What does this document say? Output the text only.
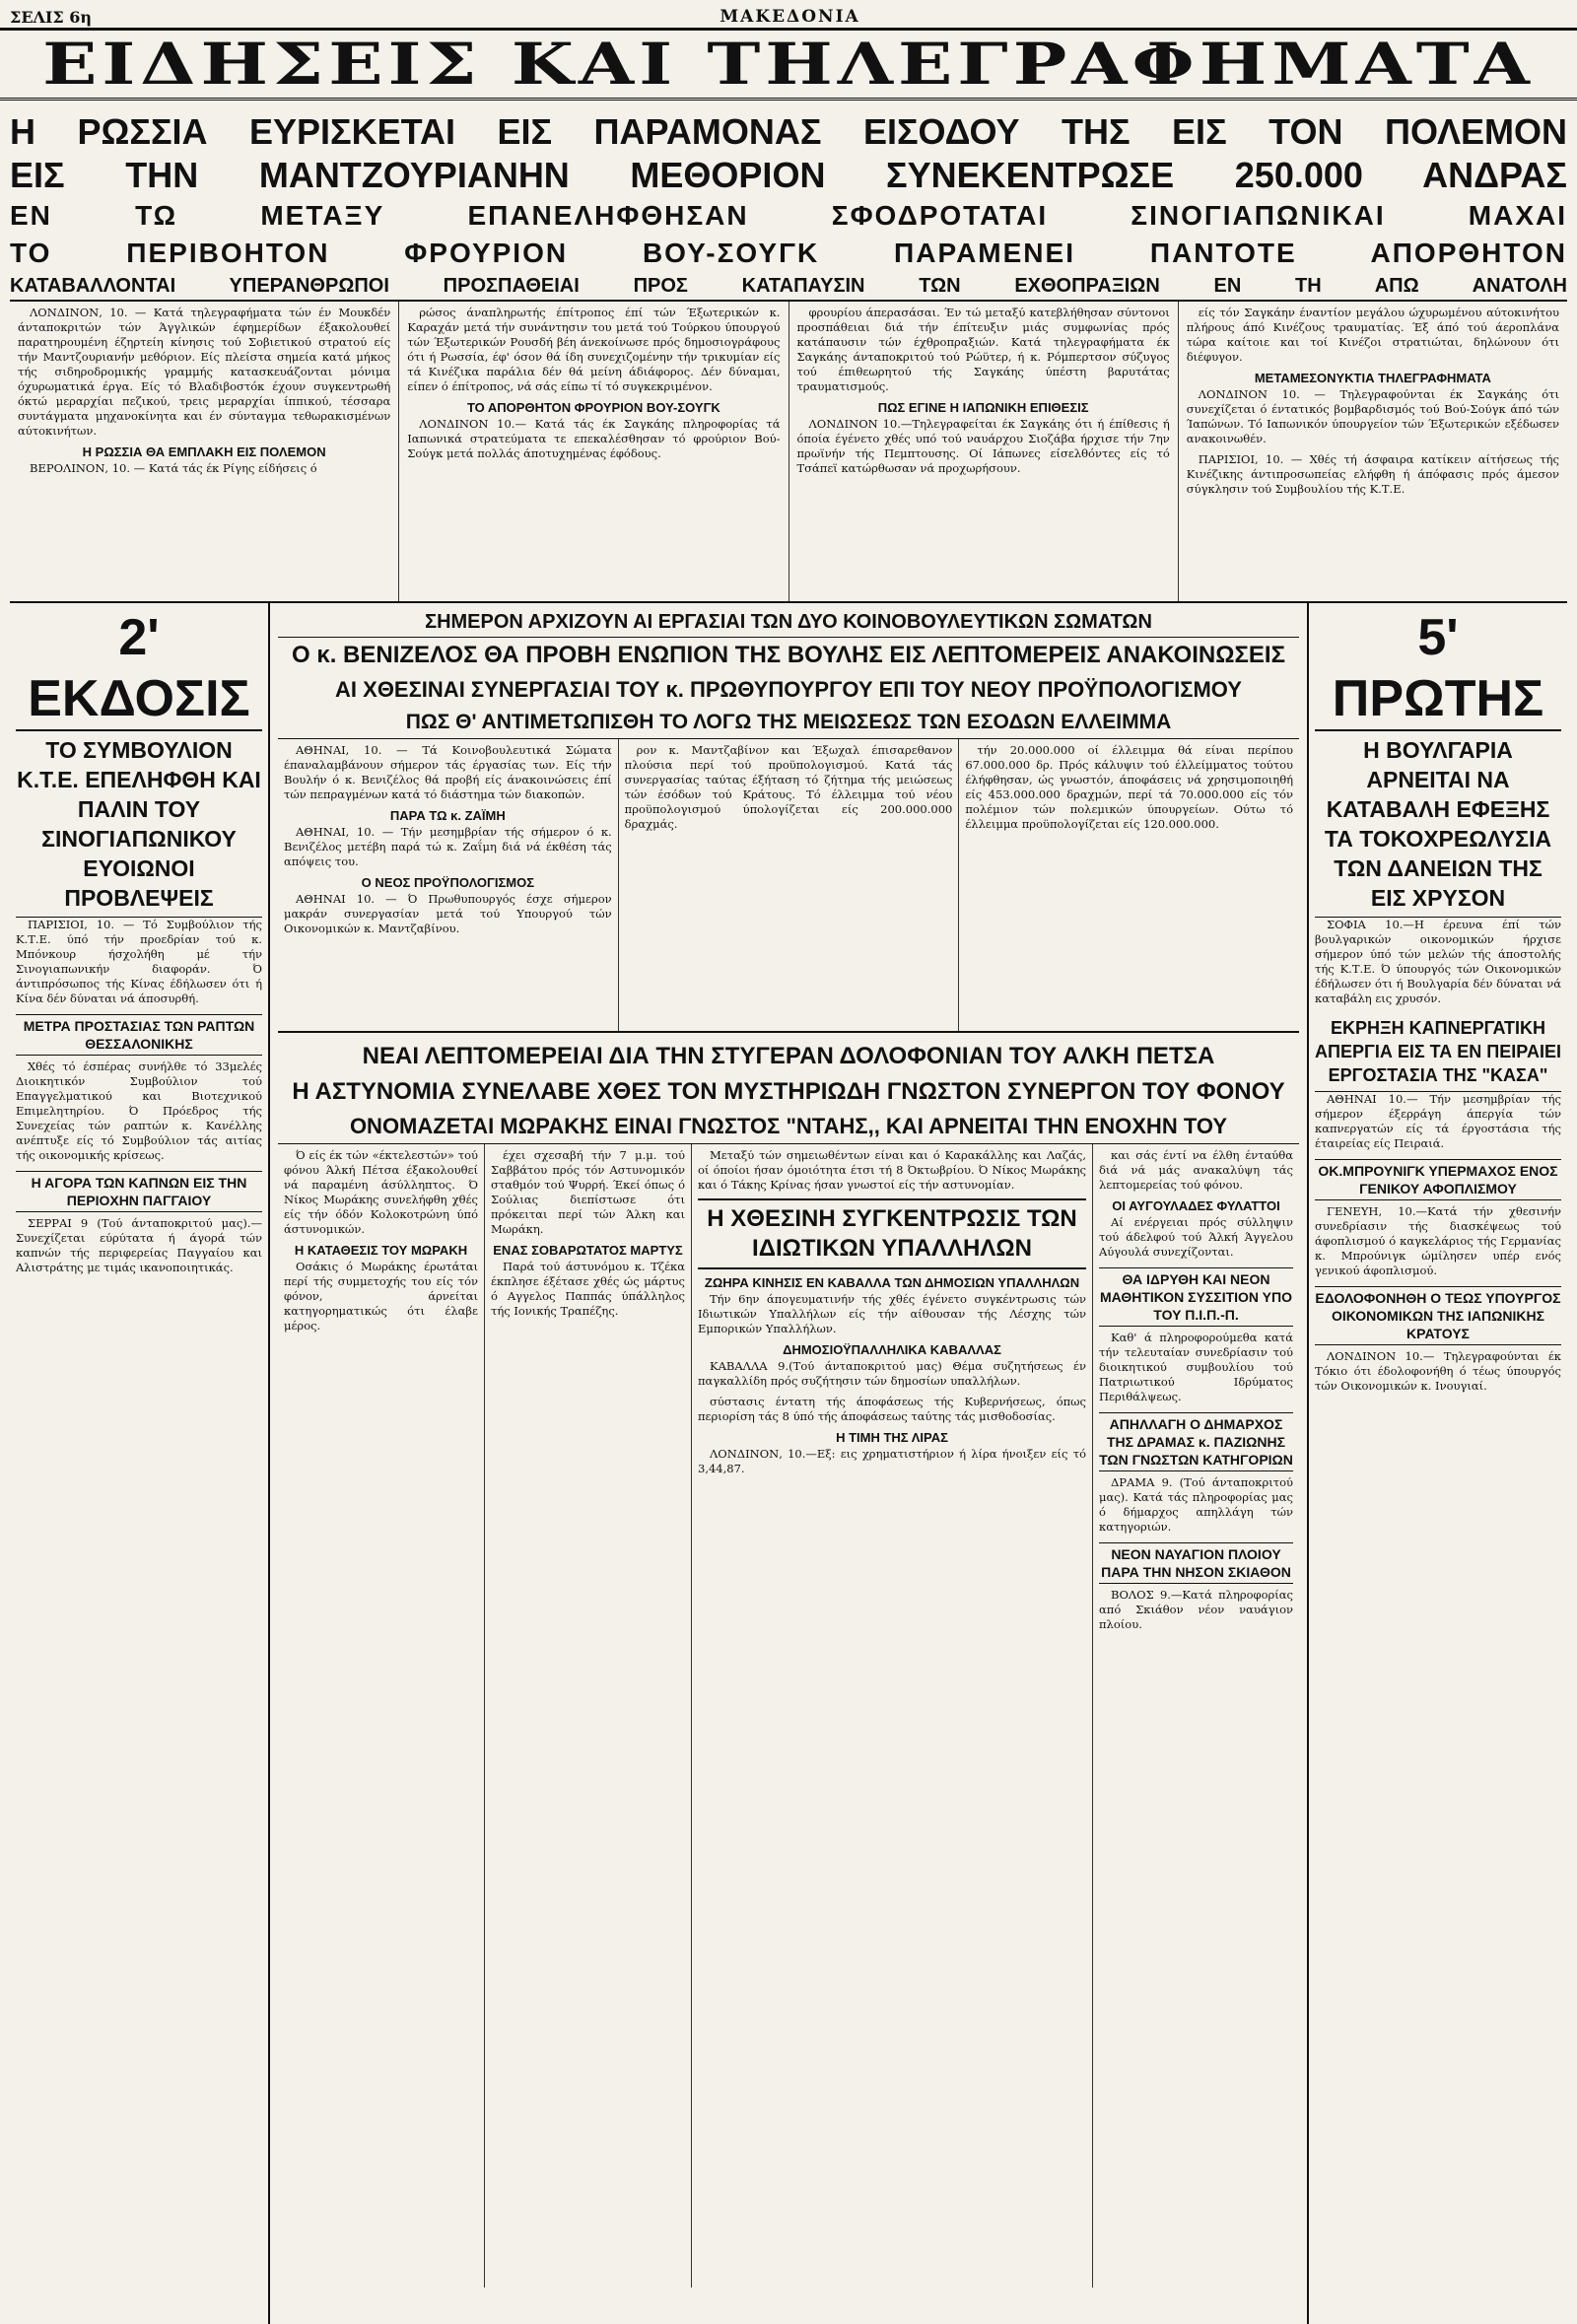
ΣΕΛΙΣ 6η	ΜΑΚΕΔΟΝΙΑ
ΕΙΔΗΣΕΙΣ ΚΑΙ ΤΗΛΕΓΡΑΦΗΜΑΤΑ
Η ΡΩΣΣΙΑ ΕΥΡΙΣΚΕΤΑΙ ΕΙΣ ΠΑΡΑΜΟΝΑΣ ΕΙΣΟΔΟΥ ΤΗΣ ΕΙΣ ΤΟΝ ΠΟΛΕΜΟΝ
ΕΙΣ ΤΗΝ ΜΑΝΤΖΟΥΡΙΑΝΗΝ ΜΕΘΟΡΙΟΝ ΣΥΝΕΚΕΝΤΡΩΣΕ 250.000 ΑΝΔΡΑΣ
ΕΝ ΤΩ ΜΕΤΑΞΥ ΕΠΑΝΕΛΗΦΘΗΣΑΝ ΣΦΟΔΡΟΤΑΤΑΙ ΣΙΝΟΓΙΑΠΩΝΙΚΑΙ ΜΑΧΑΙ
ΤΟ ΠΕΡΙΒΟΗΤΟΝ ΦΡΟΥΡΙΟΝ ΒΟΥ-ΣΟΥΓΚ ΠΑΡΑΜΕΝΕΙ ΠΑΝΤΟΤΕ ΑΠΟΡΘΗΤΟΝ
ΚΑΤΑΒΑΛΛΟΝΤΑΙ ΥΠΕΡΑΝΘΡΩΠΟΙ ΠΡΟΣΠΑΘΕΙΑΙ ΠΡΟΣ ΚΑΤΑΠΑΥΣΙΝ ΤΩΝ ΕΧΘΟΠΡΑΞΙΩΝ ΕΝ ΤΗ ΑΠΩ ΑΝΑΤΟΛΗ

ΛΟΝΔΙΝΟΝ, 10. — Κατά τηλεγραφήματα τών έν Μουκδέν άνταποκριτών τών Άγγλικών έφημερίδων έξακολουθεί παρατηρουμένη έζηρτείη κίνησις τού Σοβιετικού στρατού είς τήν Μαντζουριανήν μεθόριον. Είς πλείστα σημεία κατά μήκος τής σιδηροδρομικής γραμμής κατασκευάζονται μόνιμα όχυρωματικά έργα. Είς τό Βλαδιβοστόκ έχουν συγκεντρωθή όκτώ μεραρχίαι πεζικού, τρεις μεραρχίαι ίππικού, τέσσαρα συντάγματα μηχανοκίνητα και έν σύνταγμα τεθωρακισμένων αύτοκινήτων.

Η ΡΩΣΣΙΑ ΘΑ ΕΜΠΛΑΚΗ ΕΙΣ ΠΟΛΕΜΟΝ

ΒΕΡΟΛΙΝΟΝ, 10. — Κατά τάς έκ Ρίγης είδήσεις ό

ρώσος άναπληρωτής έπίτροπος έπί τών Έξωτερικών κ. Καραχάν μετά τήν συνάντησιν του μετά τού Τούρκου ύπουργού τών Έξωτερικών Ρουσδή βέη άνεκοίνωσε πρός δημοσιογράφους ότι ή Ρωσσία, έφ' όσον θά ίδη συνεχιζομένην τήν τρικυμίαν είς τά Κινέζικα παράλια δέν θά μείνη άδιάφορος. Δέν δύναμαι, είπεν ό έπίτροπος, νά σάς είπω τί τό συγκεκριμένον.

ΤΟ ΑΠΟΡΘΗΤΟΝ ΦΡΟΥΡΙΟΝ ΒΟΥ-ΣΟΥΓΚ

ΛΟΝΔΙΝΟΝ 10.— Κατά τάς έκ Σαγκάης πληροφορίας τά Ιαπωνικά στρατεύματα τε επεκαλέσθησαν τό φρούριον Βού-Σούγκ μετά πολλάς άποτυχημένας έφόδους.

φρουρίου άπερασάσαι. Έν τώ μεταξύ κατεβλήθησαν σύντονοι προσπάθειαι διά τήν έπίτευξιν μιάς συμφωνίας πρός κατάπαυσιν τών έχθροπραξιών. Κατά τηλεγραφήματα έκ Σαγκάης άνταποκριτού τού Ρώϋτερ, ή κ. Ρόμπερτσον σύζυγος τού έπιθεωρητού τής Σαγκάης ύπέστη βαρυτάτας τραυματισμούς.

ΠΩΣ ΕΓΙΝΕ Η ΙΑΠΩΝΙΚΗ ΕΠΙΘΕΣΙΣ

ΛΟΝΔΙΝΟΝ 10.—Τηλεγραφείται έκ Σαγκάης ότι ή έπίθεσις ή όποία έγένετο χθές υπό τού ναυάρχου Σιοζάβα ήρχισε τήν 7ην πρωϊνήν τής Πεμπτουσης. Οί Ιάπωνες είσελθόντες είς τό Τσάπεϊ κατώρθωσαν νά προχωρήσουν.

είς τόν Σαγκάην έναντίον μεγάλου ώχυρωμένου αύτοκινήτου πλήρους άπό Κινέζους τραυματίας. Έξ άπό τού άεροπλάνα τώρα καίτοιε και τοί Κινέζοι στρατιώται, δηλώνουν ότι διέφυγον.

ΜΕΤΑΜΕΣΟΝΥΚΤΙΑ ΤΗΛΕΓΡΑΦΗΜΑΤΑ

ΛΟΝΔΙΝΟΝ 10. — Τηλεγραφούνται έκ Σαγκάης ότι συνεχίζεται ό έντατικός βομβαρδισμός τού Βού-Σούγκ άπό τών Ίαπώνων. Τό Ιαπωνικόν ύπουργείον τών Έξωτερικών εξέδωσεν ανακοινωθέν.

ΠΑΡΙΣΙΟΙ, 10. — Χθές τή άσφαιρα κατίκειν αίτήσεως τής Κινέζικης άντιπροσωπείας ελήφθη ή άπόφασις πρός άμεσον σύγκλησιν τού Συμβουλίου τής Κ.Τ.Ε.

2' ΕΚΔΟΣΙΣ
ΤΟ ΣΥΜΒΟΥΛΙΟΝ Κ.Τ.Ε. ΕΠΕΛΗΦΘΗ ΚΑΙ ΠΑΛΙΝ ΤΟΥ ΣΙΝΟΓΙΑΠΩΝΙΚΟΥ ΕΥΟΙΩΝΟΙ ΠΡΟΒΛΕΨΕΙΣ

ΠΑΡΙΣΙΟΙ, 10. — Τό Συμβούλιον τής Κ.Τ.Ε. ύπό τήν προεδρίαν τού κ. Μπόνκουρ ήσχολήθη μέ τήν Σινογιαπωνικήν διαφοράν. Ό άντιπρόσωπος τής Κίνας έδήλωσεν ότι ή Κίνα δέν δύναται νά άποσυρθή.

ΜΕΤΡΑ ΠΡΟΣΤΑΣΙΑΣ ΤΩΝ ΡΑΠΤΩΝ ΘΕΣΣΑΛΟΝΙΚΗΣ

Χθές τό έσπέρας συνήλθε τό 33μελές Διοικητικόν Συμβούλιον τού Επαγγελματικού και Βιοτεχνικού Επιμελητηρίου. Ό Πρόεδρος τής Συνεχείας τών ραπτών κ. Κανέλλης ανέπτυξε είς τό Συμβούλιον τάς αιτίας τής οικονομικής κρίσεως.

Η ΑΓΟΡΑ ΤΩΝ ΚΑΠΝΩΝ ΕΙΣ ΤΗΝ ΠΕΡΙΟΧΗΝ ΠΑΓΓΑΙΟΥ

ΣΕΡΡΑΙ 9 (Τού άνταποκριτού μας).— Συνεχίζεται εύρύτατα ή άγορά τών καπνών τής περιφερείας Παγγαίου και Αλιστράτης με τιμάς ικανοποιητικάς.

ΣΗΜΕΡΟΝ ΑΡΧΙΖΟΥΝ ΑΙ ΕΡΓΑΣΙΑΙ ΤΩΝ ΔΥΟ ΚΟΙΝΟΒΟΥΛΕΥΤΙΚΩΝ ΣΩΜΑΤΩΝ
Ο κ. ΒΕΝΙΖΕΛΟΣ ΘΑ ΠΡΟΒΗ ΕΝΩΠΙΟΝ ΤΗΣ ΒΟΥΛΗΣ ΕΙΣ ΛΕΠΤΟΜΕΡΕΙΣ ΑΝΑΚΟΙΝΩΣΕΙΣ
ΑΙ ΧΘΕΣΙΝΑΙ ΣΥΝΕΡΓΑΣΙΑΙ ΤΟΥ κ. ΠΡΩΘΥΠΟΥΡΓΟΥ ΕΠΙ ΤΟΥ ΝΕΟΥ ΠΡΟΫΠΟΛΟΓΙΣΜΟΥ
ΠΩΣ Θ' ΑΝΤΙΜΕΤΩΠΙΣΘΗ ΤΟ ΛΟΓΩ ΤΗΣ ΜΕΙΩΣΕΩΣ ΤΩΝ ΕΣΟΔΩΝ ΕΛΛΕΙΜΜΑ

ΑΘΗΝΑΙ, 10. — Τά Κοινοβουλευτικά Σώματα έπαναλαμβάνουν σήμερον τάς έργασίας των. Είς τήν Βουλήν ό κ. Βενιζέλος θά προβή είς άνακοινώσεις έπί τών πεπραγμένων κατά τό διάστημα τών διακοπών.

ΠΑΡΑ ΤΩ κ. ΖΑΪΜΗ

ΑΘΗΝΑΙ, 10. — Τήν μεσημβρίαν τής σήμερον ό κ. Βενιζέλος μετέβη παρά τώ κ. Ζαΐμη διά νά έκθέση τάς απόψεις του.

Ο ΝΕΟΣ ΠΡΟΫΠΟΛΟΓΙΣΜΟΣ

ΑΘΗΝΑΙ 10. — Ό Πρωθυπουργός έσχε σήμερον μακράν συνεργασίαν μετά τού Υπουργού τών Οικονομικών κ. Μαντζαβίνου.

ρον κ. Μαντζαβίνον και Έξωχαλ έπισαρεθανον πλούσια περί τού προϋπολογισμού. Κατά τάς συνεργασίας ταύτας έξήταση τό ζήτημα τής μειώσεως τών έσόδων τού Κράτους. Τό έλλειμμα τού νέου προϋπολογισμού ύπολογίζεται είς 200.000.000 δραχμάς.

τήν 20.000.000 οί έλλειμμα θά είναι περίπου 67.000.000 δρ. Πρός κάλυψιν τού έλλείμματος τούτου έλήφθησαν, ώς γνωστόν, άποφάσεις νά χρησιμοποιηθή είς 453.000.000 δραχμών, περί τά 70.000.000 είς τόν πολέμιον τών πολεμικών ύπουργείων. Ούτω τό έλλειμμα προϋπολογίζεται είς 120.000.000.

ΝΕΑΙ ΛΕΠΤΟΜΕΡΕΙΑΙ ΔΙΑ ΤΗΝ ΣΤΥΓΕΡΑΝ ΔΟΛΟΦΟΝΙΑΝ ΤΟΥ ΑΛΚΗ ΠΕΤΣΑ
Η ΑΣΤΥΝΟΜΙΑ ΣΥΝΕΛΑΒΕ ΧΘΕΣ ΤΟΝ ΜΥΣΤΗΡΙΩΔΗ ΓΝΩΣΤΟΝ ΣΥΝΕΡΓΟΝ ΤΟΥ ΦΟΝΟΥ
ΟΝΟΜΑΖΕΤΑΙ ΜΩΡΑΚΗΣ ΕΙΝΑΙ ΓΝΩΣΤΟΣ "ΝΤΑΗΣ,, ΚΑΙ ΑΡΝΕΙΤΑΙ ΤΗΝ ΕΝΟΧΗΝ ΤΟΥ

Ό είς έκ τών «έκτελεστών» τού φόνου Άλκή Πέτσα έξακολουθεί νά παραμένη άσύλληπτος. Ό Νίκος Μωράκης συνελήφθη χθές είς τήν όδόν Κολοκοτρώνη ύπό άστυνομικών.

Η ΚΑΤΑΘΕΣΙΣ ΤΟΥ ΜΩΡΑΚΗ

Οσάκις ό Μωράκης έρωτάται περί τής συμμετοχής του είς τόν φόνον, άρνείται κατηγορηματικώς ότι έλαβε μέρος.

έχει σχεσαβή τήν 7 μ.μ. τού Σαββάτου πρός τόν Αστυνομικόν σταθμόν τού Ψυρρή. Έκεί όπως ό Σούλιας διεπίστωσε ότι πρόκειται περί τών Άλκη και Μωράκη.

ΕΝΑΣ ΣΟΒΑΡΩΤΑΤΟΣ ΜΑΡΤΥΣ

Παρά τού άστυνόμου κ. Τζέκα έκπλησε έξέτασε χθές ώς μάρτυς ό Αγγελος Παππάς ύπάλληλος τής Ιονικής Τραπέζης.

Μεταξύ τών σημειωθέντων είναι και ό Καρακάλλης και Λαζάς, οί όποίοι ήσαν όμοιότητα έτσι τή 8 Όκτωβρίου. Ό Νίκος Μωράκης και ό Τάκης Κρίνας ήσαν γνωστοί είς τήν αστυνομίαν.

Η ΧΘΕΣΙΝΗ ΣΥΓΚΕΝΤΡΩΣΙΣ ΤΩΝ ΙΔΙΩΤΙΚΩΝ ΥΠΑΛΛΗΛΩΝ
ΖΩΗΡΑ ΚΙΝΗΣΙΣ ΕΝ ΚΑΒΑΛΛΑ ΤΩΝ ΔΗΜΟΣΙΩΝ ΥΠΑΛΛΗΛΩΝ

Τήν 6ην άπογευματινήν τής χθές έγένετο συγκέντρωσις τών Ιδιωτικών Υπαλλήλων είς τήν αίθουσαν τής Λέσχης τών Εμπορικών Υπαλλήλων.

ΔΗΜΟΣΙΟΫΠΑΛΛΗΛΙΚΑ ΚΑΒΑΛΛΑΣ

ΚΑΒΑΛΛΑ 9.(Τού άνταποκριτού μας) Θέμα συζητήσεως έν παγκαλλίδη πρός συζήτησιν τών δημοσίων υπαλλήλων.

σύστασις έντατη τής άποφάσεως τής Κυβερνήσεως, όπως περιορίση τάς 8 ύπό τής άποφάσεως ταύτης τάς μισθοδοσίας.

Η ΤΙΜΗ ΤΗΣ ΛΙΡΑΣ

ΛΟΝΔΙΝΟΝ, 10.—Εξ: εις χρηματιστήριον ή λίρα ήνοιξεν είς τό 3,44,87.

και σάς έντί να έλθη ένταύθα διά νά μάς ανακαλύψη τάς λεπτομερείας τού φόνου.

ΟΙ ΑΥΓΟΥΛΑΔΕΣ ΦΥΛΑΤΤΟΙ

Αί ενέργειαι πρός σύλληψιν τού άδελφού τού Άλκή Άγγελου Αύγουλά συνεχίζονται.

ΘΑ ΙΔΡΥΘΗ ΚΑΙ ΝΕΟΝ ΜΑΘΗΤΙΚΟΝ ΣΥΣΣΙΤΙΟΝ ΥΠΟ ΤΟΥ Π.Ι.Π.-Π.

Καθ' ά πληροφορούμεθα κατά τήν τελευταίαν συνεδρίασιν τού διοικητικού συμβουλίου τού Πατριωτικού Ιδρύματος Περιθάλψεως.

ΑΠΗΛΛΑΓΗ Ο ΔΗΜΑΡΧΟΣ ΤΗΣ ΔΡΑΜΑΣ κ. ΠΑΖΙΩΝΗΣ ΤΩΝ ΓΝΩΣΤΩΝ ΚΑΤΗΓΟΡΙΩΝ

ΔΡΑΜΑ 9. (Τού άνταποκριτού μας). Κατά τάς πληροφορίας μας ό δήμαρχος απηλλάγη τών κατηγοριών.

ΝΕΟΝ ΝΑΥΑΓΙΟΝ ΠΛΟΙΟΥ ΠΑΡΑ ΤΗΝ ΝΗΣΟΝ ΣΚΙΑΘΟΝ

ΒΟΛΟΣ 9.—Κατά πληροφορίας από Σκιάθον νέον ναυάγιον πλοίου.

5' ΠΡΩΤΗΣ
Η ΒΟΥΛΓΑΡΙΑ ΑΡΝΕΙΤΑΙ ΝΑ ΚΑΤΑΒΑΛΗ ΕΦΕΞΗΣ ΤΑ ΤΟΚΟΧΡΕΩΛΥΣΙΑ ΤΩΝ ΔΑΝΕΙΩΝ ΤΗΣ ΕΙΣ ΧΡΥΣΟΝ

ΣΟΦΙΑ 10.—Η έρευνα έπί τών βουλγαρικών οικονομικών ήρχισε σήμερον ύπό τών μελών τής άποστολής τής Κ.Τ.Ε. Ό ύπουργός τών Οικονομικών έδήλωσεν ότι ή Βουλγαρία δέν δύναται νά καταβάλη εις χρυσόν.

ΕΚΡΗΞΗ ΚΑΠΝΕΡΓΑΤΙΚΗ ΑΠΕΡΓΙΑ ΕΙΣ ΤΑ ΕΝ ΠΕΙΡΑΙΕΙ ΕΡΓΟΣΤΑΣΙΑ ΤΗΣ "ΚΑΣΑ"

ΑΘΗΝΑΙ 10.— Τήν μεσημβρίαν τής σήμερον έξερράγη άπεργία τών καπνεργατών είς τά έργοστάσια τής έταιρείας είς Πειραιά.

ΟΚ.ΜΠΡΟΥΝΙΓΚ ΥΠΕΡΜΑΧΟΣ ΕΝΟΣ ΓΕΝΙΚΟΥ ΑΦΟΠΛΙΣΜΟΥ

ΓΕΝΕΥΗ, 10.—Κατά τήν χθεσινήν συνεδρίασιν τής διασκέψεως τού άφοπλισμού ό καγκελάριος τής Γερμανίας κ. Μπρούνιγκ ώμίλησεν υπέρ ενός γενικού άφοπλισμού.

ΕΔΟΛΟΦΟΝΗΘΗ Ο ΤΕΩΣ ΥΠΟΥΡΓΟΣ ΟΙΚΟΝΟΜΙΚΩΝ ΤΗΣ ΙΑΠΩΝΙΚΗΣ ΚΡΑΤΟΥΣ

ΛΟΝΔΙΝΟΝ 10.— Τηλεγραφούνται έκ Τόκιο ότι έδολοφονήθη ό τέως ύπουργός τών Οικονομικών κ. Ινουγιαί.
